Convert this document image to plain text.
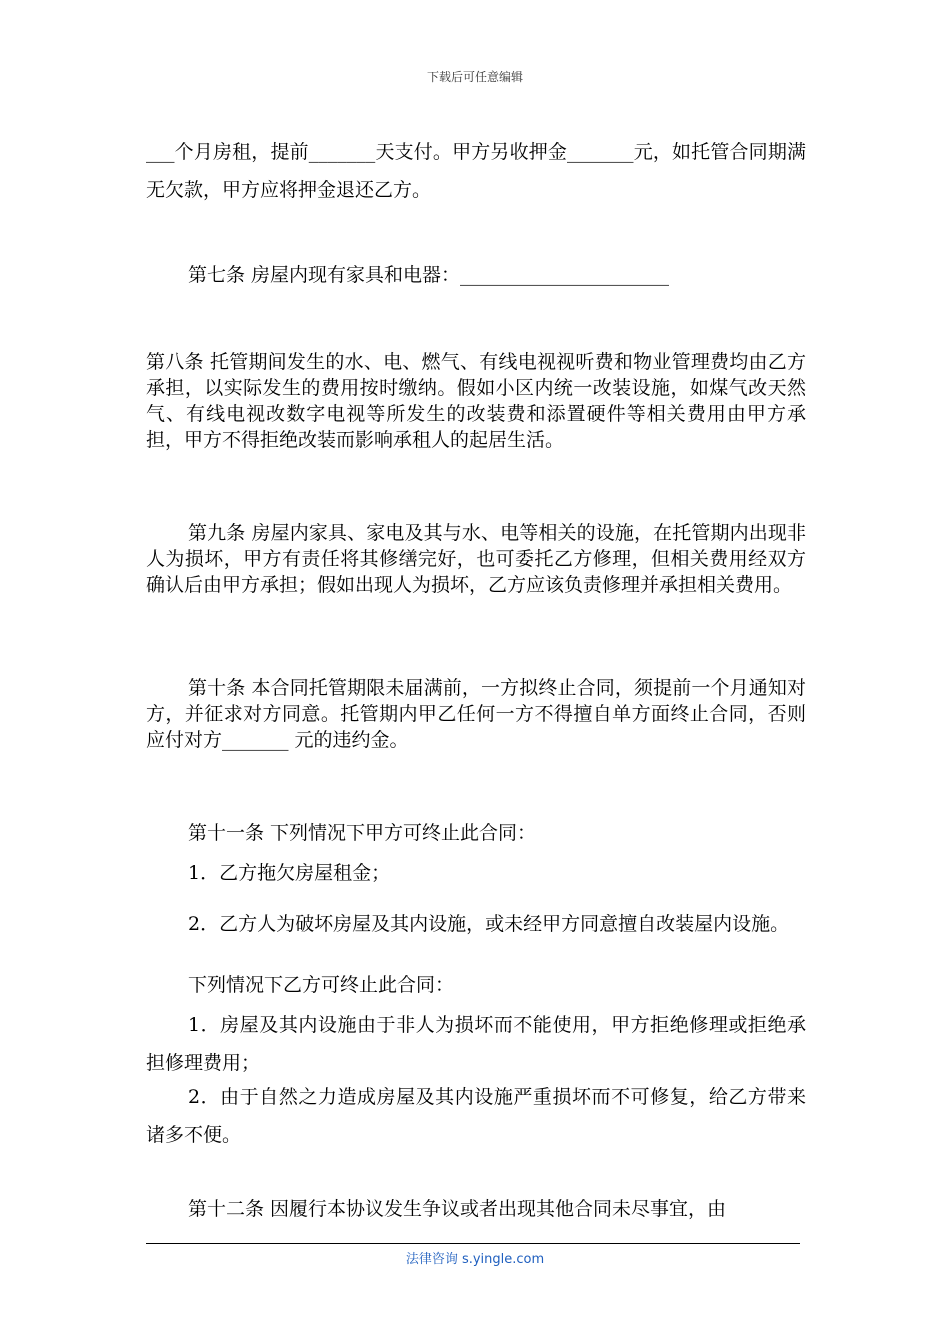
下载后可任意编辑
___个月房租，提前_______天支付。甲方另收押金_______元，如托管合同期满无欠款，甲方应将押金退还乙方。
第七条 房屋内现有家具和电器：______________________
第八条 托管期间发生的水、电、燃气、有线电视视听费和物业管理费均由乙方承担，以实际发生的费用按时缴纳。假如小区内统一改装设施，如煤气改天然气、有线电视改数字电视等所发生的改装费和添置硬件等相关费用由甲方承担，甲方不得拒绝改装而影响承租人的起居生活。
第九条 房屋内家具、家电及其与水、电等相关的设施，在托管期内出现非人为损坏，甲方有责任将其修缮完好，也可委托乙方修理，但相关费用经双方确认后由甲方承担；假如出现人为损坏，乙方应该负责修理并承担相关费用。
第十条 本合同托管期限未届满前，一方拟终止合同，须提前一个月通知对方，并征求对方同意。托管期内甲乙任何一方不得擅自单方面终止合同，否则应付对方_______ 元的违约金。
第十一条 下列情况下甲方可终止此合同：
1．乙方拖欠房屋租金；
2．乙方人为破坏房屋及其内设施，或未经甲方同意擅自改装屋内设施。
下列情况下乙方可终止此合同：
1．房屋及其内设施由于非人为损坏而不能使用，甲方拒绝修理或拒绝承担修理费用；
2．由于自然之力造成房屋及其内设施严重损坏而不可修复，给乙方带来诸多不便。
第十二条 因履行本协议发生争议或者出现其他合同未尽事宜，由
法律咨询 s.yingle.com
